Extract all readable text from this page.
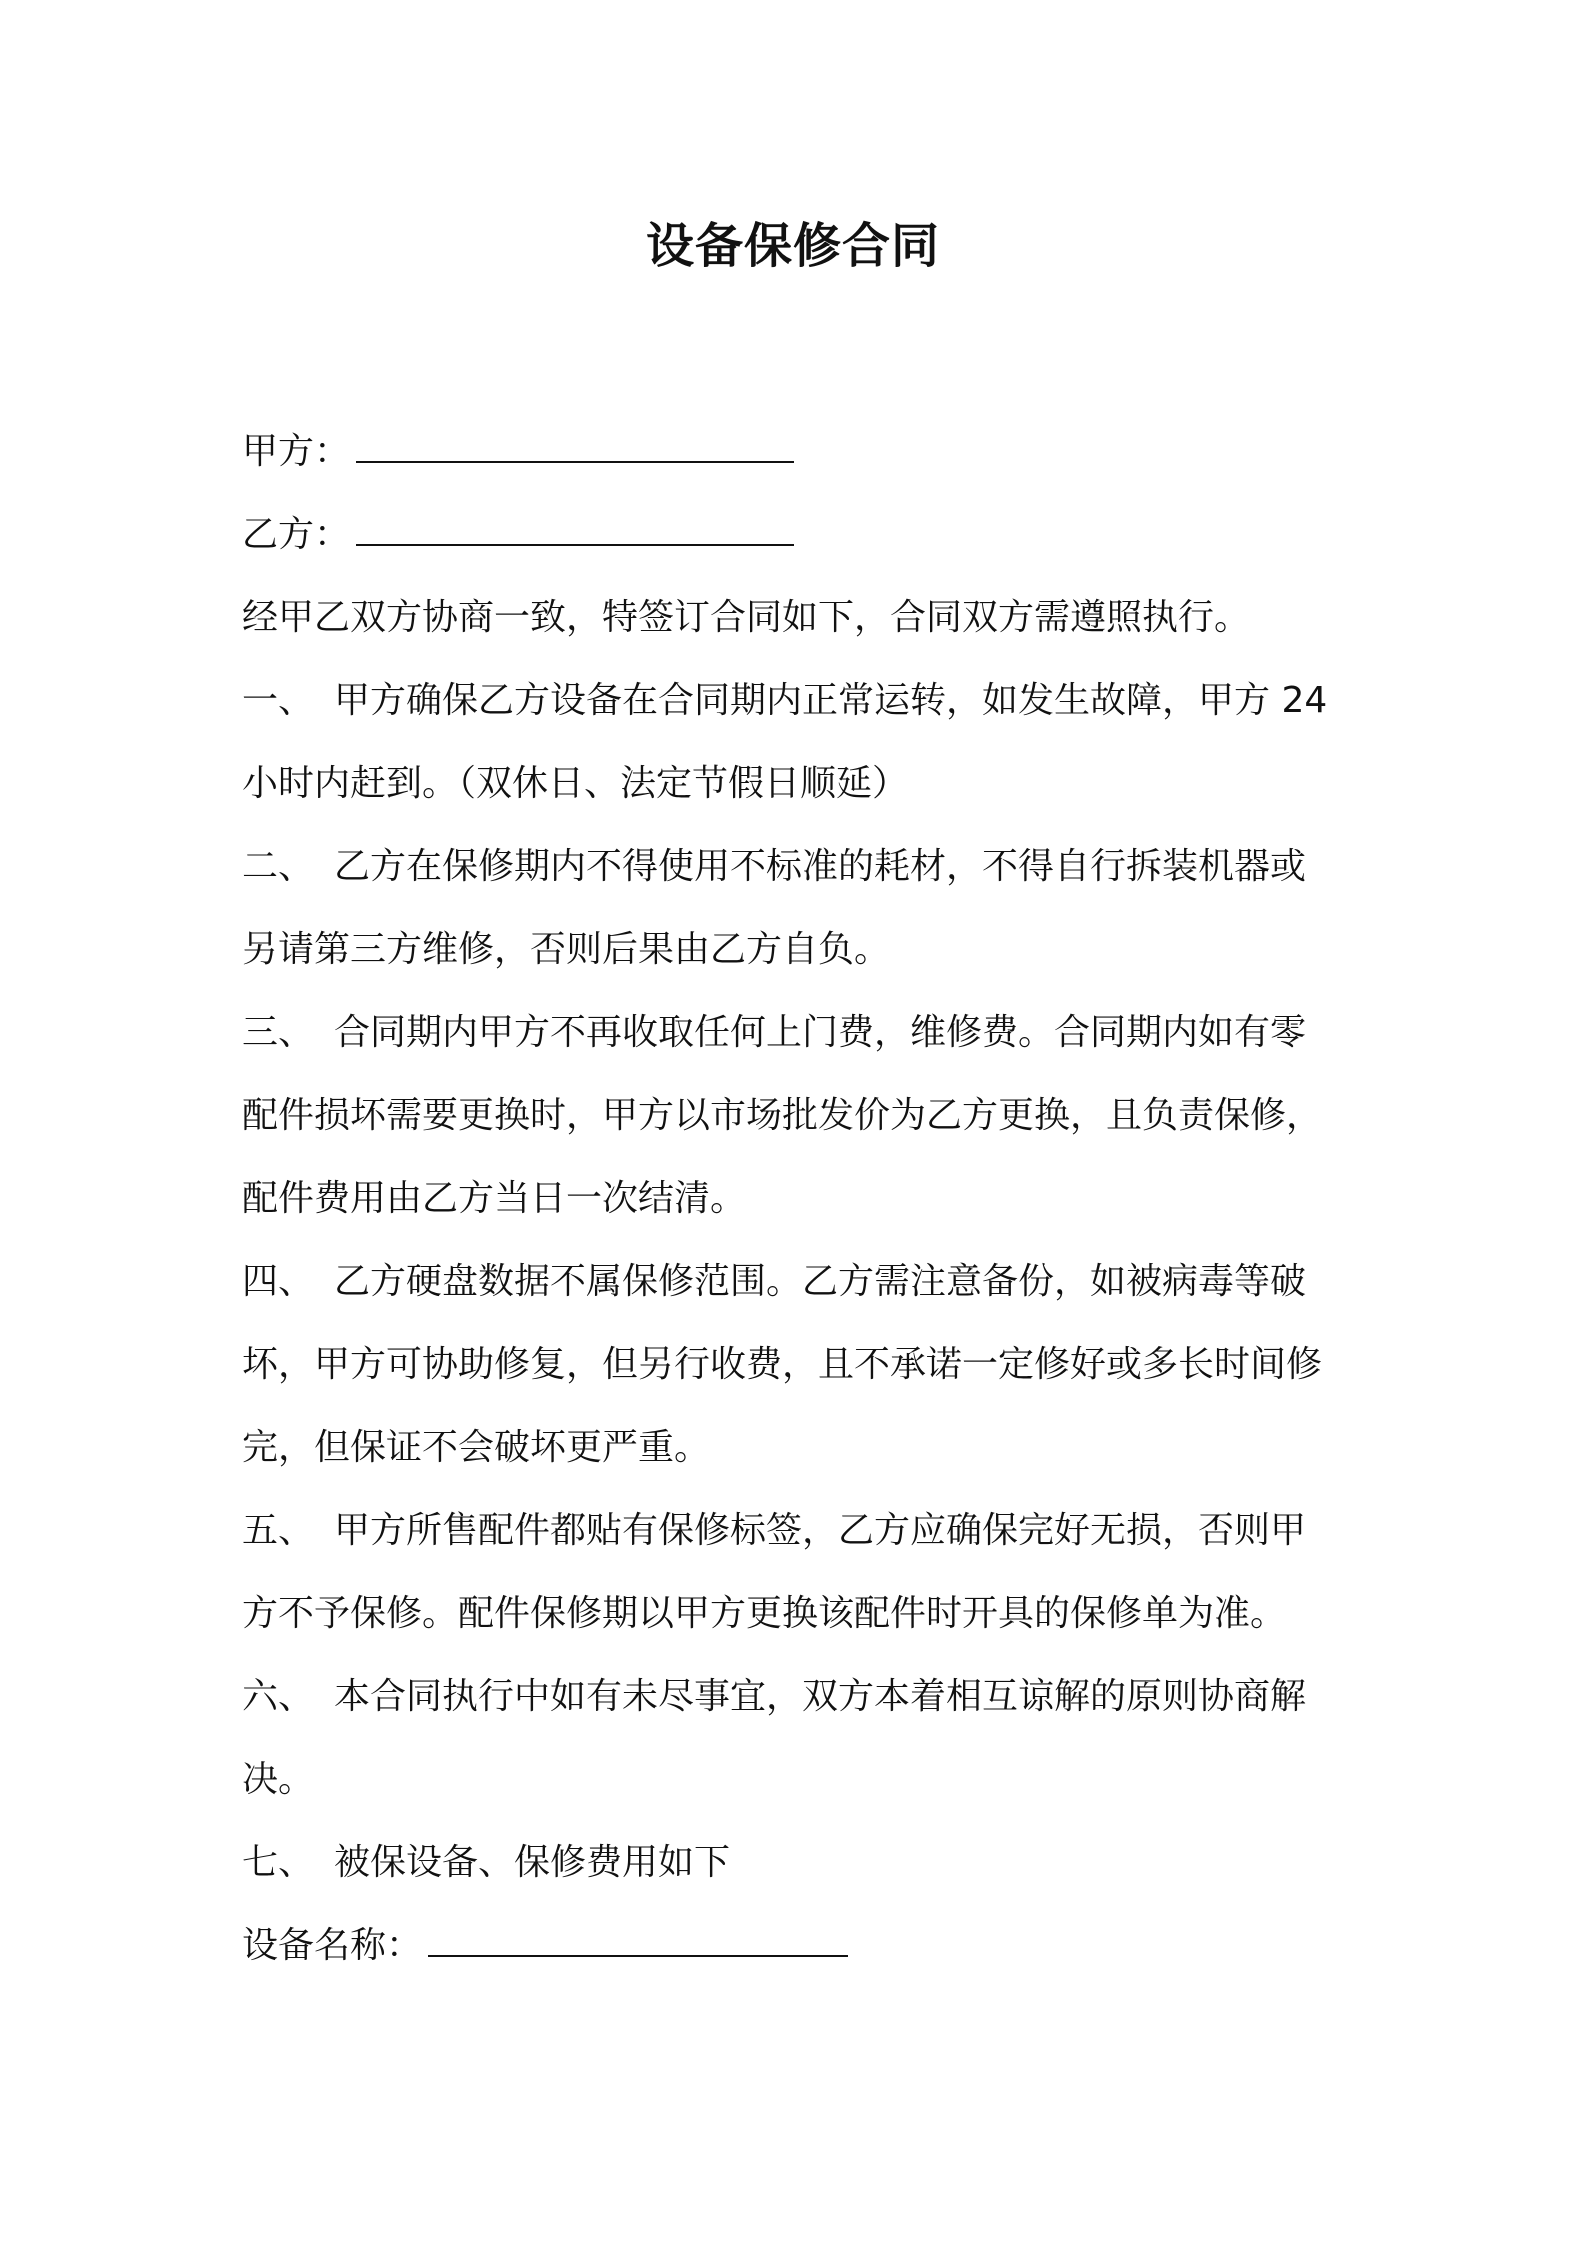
设备保修合同

甲方：

乙方：

经甲乙双方协商一致，特签订合同如下，合同双方需遵照执行。

一、 甲方确保乙方设备在合同期内正常运转，如发生故障，甲方 24

小时内赶到。（双休日、法定节假日顺延）

二、 乙方在保修期内不得使用不标准的耗材，不得自行拆装机器或

另请第三方维修，否则后果由乙方自负。

三、 合同期内甲方不再收取任何上门费，维修费。合同期内如有零

配件损坏需要更换时，甲方以市场批发价为乙方更换，且负责保修，

配件费用由乙方当日一次结清。

四、 乙方硬盘数据不属保修范围。乙方需注意备份，如被病毒等破

坏，甲方可协助修复，但另行收费，且不承诺一定修好或多长时间修

完，但保证不会破坏更严重。

五、 甲方所售配件都贴有保修标签，乙方应确保完好无损，否则甲

方不予保修。配件保修期以甲方更换该配件时开具的保修单为准。

六、 本合同执行中如有未尽事宜，双方本着相互谅解的原则协商解

决。

七、 被保设备、保修费用如下

设备名称：
